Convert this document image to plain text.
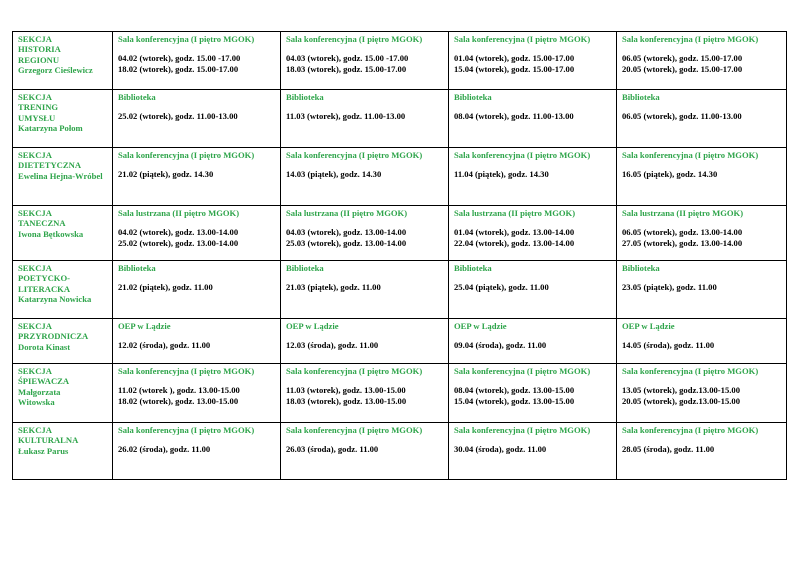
SEKCJA
HISTORIA
REGIONU
Grzegorz Cieślewicz	Sala konferencyjna (I piętro MGOK)
04.02 (wtorek), godz. 15.00 -17.00
18.02 (wtorek), godz. 15.00-17.00	Sala konferencyjna (I piętro MGOK)
04.03 (wtorek), godz. 15.00 -17.00
18.03 (wtorek), godz. 15.00-17.00	Sala konferencyjna (I piętro MGOK)
01.04 (wtorek), godz. 15.00-17.00
15.04 (wtorek), godz. 15.00-17.00	Sala konferencyjna (I piętro MGOK)
06.05 (wtorek), godz. 15.00-17.00
20.05 (wtorek), godz. 15.00-17.00

SEKCJA
TRENING
UMYSŁU
Katarzyna Połom	Biblioteka
25.02 (wtorek), godz. 11.00-13.00	Biblioteka
11.03 (wtorek), godz. 11.00-13.00	Biblioteka
08.04 (wtorek), godz. 11.00-13.00	Biblioteka
06.05 (wtorek), godz. 11.00-13.00

SEKCJA
DIETETYCZNA
Ewelina Hejna-Wróbel	Sala konferencyjna (I piętro MGOK)
21.02 (piątek), godz. 14.30	Sala konferencyjna (I piętro MGOK)
14.03 (piątek), godz. 14.30	Sala konferencyjna (I piętro MGOK)
11.04 (piątek), godz. 14.30	Sala konferencyjna (I piętro MGOK)
16.05 (piątek), godz. 14.30

SEKCJA
TANECZNA
Iwona Bętkowska	Sala lustrzana (II piętro MGOK)
04.02 (wtorek), godz. 13.00-14.00
25.02 (wtorek), godz. 13.00-14.00	Sala lustrzana (II piętro MGOK)
04.03 (wtorek), godz. 13.00-14.00
25.03 (wtorek), godz. 13.00-14.00	Sala lustrzana (II piętro MGOK)
01.04 (wtorek), godz. 13.00-14.00
22.04 (wtorek), godz. 13.00-14.00	Sala lustrzana (II piętro MGOK)
06.05 (wtorek), godz. 13.00-14.00
27.05 (wtorek), godz. 13.00-14.00

SEKCJA
POETYCKO-
LITERACKA
Katarzyna Nowicka	Biblioteka
21.02 (piątek), godz. 11.00	Biblioteka
21.03 (piątek), godz. 11.00	Biblioteka
25.04 (piątek), godz. 11.00	Biblioteka
23.05 (piątek), godz. 11.00

SEKCJA
PRZYRODNICZA
Dorota Kinast	OEP w Lądzie
12.02 (środa), godz. 11.00	OEP w Lądzie
12.03 (środa), godz. 11.00	OEP w Lądzie
09.04 (środa), godz. 11.00	OEP w Lądzie
14.05 (środa), godz. 11.00

SEKCJA
ŚPIEWACZA
Małgorzata
Witowska	Sala konferencyjna (I piętro MGOK)
11.02 (wtorek ), godz. 13.00-15.00
18.02 (wtorek), godz. 13.00-15.00	Sala konferencyjna (I piętro MGOK)
11.03 (wtorek), godz. 13.00-15.00
18.03 (wtorek), godz. 13.00-15.00	Sala konferencyjna (I piętro MGOK)
08.04 (wtorek), godz. 13.00-15.00
15.04 (wtorek), godz. 13.00-15.00	Sala konferencyjna (I piętro MGOK)
13.05 (wtorek), godz.13.00-15.00
20.05 (wtorek), godz.13.00-15.00

SEKCJA
KULTURALNA
Łukasz Parus	Sala konferencyjna (I piętro MGOK)
26.02 (środa), godz. 11.00	Sala konferencyjna (I piętro MGOK)
26.03 (środa), godz. 11.00	Sala konferencyjna (I piętro MGOK)
30.04 (środa), godz. 11.00	Sala konferencyjna (I piętro MGOK)
28.05 (środa), godz. 11.00
